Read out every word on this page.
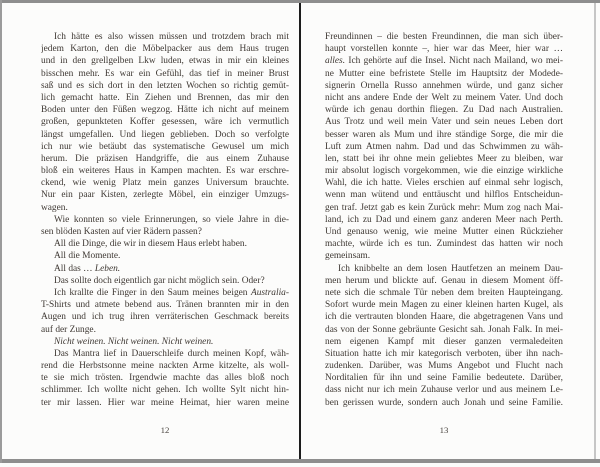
Ich hätte es also wissen müssen und trotzdem brach mit
jedem Karton, den die Möbelpacker aus dem Haus trugen
und in den grellgelben Lkw luden, etwas in mir ein kleines
bisschen mehr. Es war ein Gefühl, das tief in meiner Brust
saß und es sich dort in den letzten Wochen so richtig gemüt-
lich gemacht hatte. Ein Ziehen und Brennen, das mir den
Boden unter den Füßen wegzog. Hätte ich nicht auf meinem
großen, gepunkteten Koffer gesessen, wäre ich vermutlich
längst umgefallen. Und liegen geblieben. Doch so verfolgte
ich nur wie betäubt das systematische Gewusel um mich
herum. Die präzisen Handgriffe, die aus einem Zuhause
bloß ein weiteres Haus in Kampen machten. Es war erschre-
ckend, wie wenig Platz mein ganzes Universum brauchte.
Nur ein paar Kisten, zerlegte Möbel, ein einziger Umzugs-
wagen.
Wie konnten so viele Erinnerungen, so viele Jahre in die-
sen blöden Kasten auf vier Rädern passen?
All die Dinge, die wir in diesem Haus erlebt haben.
All die Momente.
All das … Leben.
Das sollte doch eigentlich gar nicht möglich sein. Oder?
Ich krallte die Finger in den Saum meines beigen Australia-
T-Shirts und atmete bebend aus. Tränen brannten mir in den
Augen und ich trug ihren verräterischen Geschmack bereits
auf der Zunge.
Nicht weinen. Nicht weinen. Nicht weinen.
Das Mantra lief in Dauerschleife durch meinen Kopf, wäh-
rend die Herbstsonne meine nackten Arme kitzelte, als woll-
te sie mich trösten. Irgendwie machte das alles bloß noch
schlimmer. Ich wollte nicht gehen. Ich wollte Sylt nicht hin-
ter mir lassen. Hier war meine Heimat, hier waren meine
Freundinnen – die besten Freundinnen, die man sich über-
haupt vorstellen konnte –, hier war das Meer, hier war …
alles. Ich gehörte auf die Insel. Nicht nach Mailand, wo mei-
ne Mutter eine befristete Stelle im Hauptsitz der Modede-
signerin Ornella Russo annehmen würde, und ganz sicher
nicht ans andere Ende der Welt zu meinem Vater. Und doch
würde ich genau dorthin fliegen. Zu Dad nach Australien.
Aus Trotz und weil mein Vater und sein neues Leben dort
besser waren als Mum und ihre ständige Sorge, die mir die
Luft zum Atmen nahm. Dad und das Schwimmen zu wäh-
len, statt bei ihr ohne mein geliebtes Meer zu bleiben, war
mir absolut logisch vorgekommen, wie die einzige wirkliche
Wahl, die ich hatte. Vieles erschien auf einmal sehr logisch,
wenn man wütend und enttäuscht und hilflos Entscheidun-
gen traf. Jetzt gab es kein Zurück mehr: Mum zog nach Mai-
land, ich zu Dad und einem ganz anderen Meer nach Perth.
Und genauso wenig, wie meine Mutter einen Rückzieher
machte, würde ich es tun. Zumindest das hatten wir noch
gemeinsam.
Ich knibbelte an dem losen Hautfetzen an meinem Dau-
men herum und blickte auf. Genau in diesem Moment öff-
nete sich die schmale Tür neben dem breiten Haupteingang.
Sofort wurde mein Magen zu einer kleinen harten Kugel, als
ich die vertrauten blonden Haare, die abgetragenen Vans und
das von der Sonne gebräunte Gesicht sah. Jonah Falk. In mei-
nem eigenen Kampf mit dieser ganzen vermaledeiten
Situation hatte ich mir kategorisch verboten, über ihn nach-
zudenken. Darüber, was Mums Angebot und Flucht nach
Norditalien für ihn und seine Familie bedeutete. Darüber,
dass nicht nur ich mein Zuhause verlor und aus meinem Le-
ben gerissen wurde, sondern auch Jonah und seine Familie.
12	13
